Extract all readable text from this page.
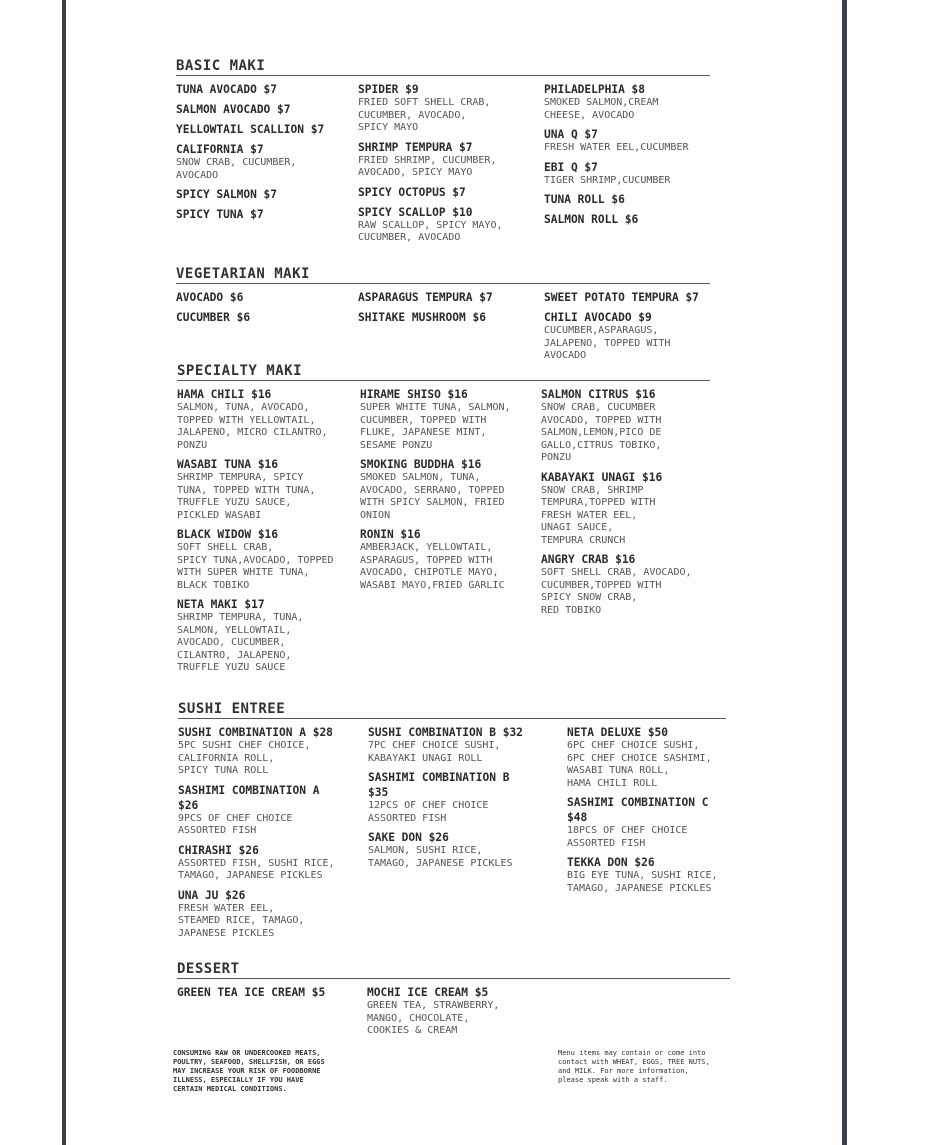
BASIC MAKI
TUNA AVOCADO $7
SALMON AVOCADO $7
YELLOWTAIL SCALLION $7
CALIFORNIA $7
SNOW CRAB, CUCUMBER,
AVOCADO
SPICY SALMON $7
SPICY TUNA $7
SPIDER $9
FRIED SOFT SHELL CRAB,
CUCUMBER, AVOCADO,
SPICY MAYO
SHRIMP TEMPURA $7
FRIED SHRIMP, CUCUMBER,
AVOCADO, SPICY MAYO
SPICY OCTOPUS $7
SPICY SCALLOP $10
RAW SCALLOP, SPICY MAYO,
CUCUMBER, AVOCADO
PHILADELPHIA $8
SMOKED SALMON,CREAM
CHEESE, AVOCADO
UNA Q $7
FRESH WATER EEL,CUCUMBER
EBI Q $7
TIGER SHRIMP,CUCUMBER
TUNA ROLL $6
SALMON ROLL $6
VEGETARIAN MAKI
AVOCADO $6
CUCUMBER $6
ASPARAGUS TEMPURA $7
SHITAKE MUSHROOM $6
SWEET POTATO TEMPURA $7
CHILI AVOCADO $9
CUCUMBER,ASPARAGUS,
JALAPENO, TOPPED WITH
AVOCADO
SPECIALTY MAKI
HAMA CHILI $16
SALMON, TUNA, AVOCADO,
TOPPED WITH YELLOWTAIL,
JALAPENO, MICRO CILANTRO,
PONZU
WASABI TUNA $16
SHRIMP TEMPURA, SPICY
TUNA, TOPPED WITH TUNA,
TRUFFLE YUZU SAUCE,
PICKLED WASABI
BLACK WIDOW $16
SOFT SHELL CRAB,
SPICY TUNA,AVOCADO, TOPPED
WITH SUPER WHITE TUNA,
BLACK TOBIKO
NETA MAKI $17
SHRIMP TEMPURA, TUNA,
SALMON, YELLOWTAIL,
AVOCADO, CUCUMBER,
CILANTRO, JALAPENO,
TRUFFLE YUZU SAUCE
HIRAME SHISO $16
SUPER WHITE TUNA, SALMON,
CUCUMBER, TOPPED WITH
FLUKE, JAPANESE MINT,
SESAME PONZU
SMOKING BUDDHA $16
SMOKED SALMON, TUNA,
AVOCADO, SERRANO, TOPPED
WITH SPICY SALMON, FRIED
ONION
RONIN $16
AMBERJACK, YELLOWTAIL,
ASPARAGUS, TOPPED WITH
AVOCADO, CHIPOTLE MAYO,
WASABI MAYO,FRIED GARLIC
SALMON CITRUS $16
SNOW CRAB, CUCUMBER
AVOCADO, TOPPED WITH
SALMON,LEMON,PICO DE
GALLO,CITRUS TOBIKO,
PONZU
KABAYAKI UNAGI $16
SNOW CRAB, SHRIMP
TEMPURA,TOPPED WITH
FRESH WATER EEL,
UNAGI SAUCE,
TEMPURA CRUNCH
ANGRY CRAB $16
SOFT SHELL CRAB, AVOCADO,
CUCUMBER,TOPPED WITH
SPICY SNOW CRAB,
RED TOBIKO
SUSHI ENTREE
SUSHI COMBINATION A $28
5PC SUSHI CHEF CHOICE,
CALIFORNIA ROLL,
SPICY TUNA ROLL
SASHIMI COMBINATION A
$26
9PCS OF CHEF CHOICE
ASSORTED FISH
CHIRASHI $26
ASSORTED FISH, SUSHI RICE,
TAMAGO, JAPANESE PICKLES
UNA JU $26
FRESH WATER EEL,
STEAMED RICE, TAMAGO,
JAPANESE PICKLES
SUSHI COMBINATION B $32
7PC CHEF CHOICE SUSHI,
KABAYAKI UNAGI ROLL
SASHIMI COMBINATION B
$35
12PCS OF CHEF CHOICE
ASSORTED FISH
SAKE DON $26
SALMON, SUSHI RICE,
TAMAGO, JAPANESE PICKLES
NETA DELUXE $50
6PC CHEF CHOICE SUSHI,
6PC CHEF CHOICE SASHIMI,
WASABI TUNA ROLL,
HAMA CHILI ROLL
SASHIMI COMBINATION C
$48
18PCS OF CHEF CHOICE
ASSORTED FISH
TEKKA DON $26
BIG EYE TUNA, SUSHI RICE,
TAMAGO, JAPANESE PICKLES
DESSERT
GREEN TEA ICE CREAM $5	MOCHI ICE CREAM $5
GREEN TEA, STRAWBERRY,
MANGO, CHOCOLATE,
COOKIES & CREAM
CONSUMING RAW OR UNDERCOOKED MEATS,
POULTRY, SEAFOOD, SHELLFISH, OR EGGS
MAY INCREASE YOUR RISK OF FOODBORNE
ILLNESS, ESPECIALLY IF YOU HAVE
CERTAIN MEDICAL CONDITIONS.
Menu items may contain or come into
contact with WHEAT, EGGS, TREE NUTS,
and MILK. For more information,
please speak with a staff.
